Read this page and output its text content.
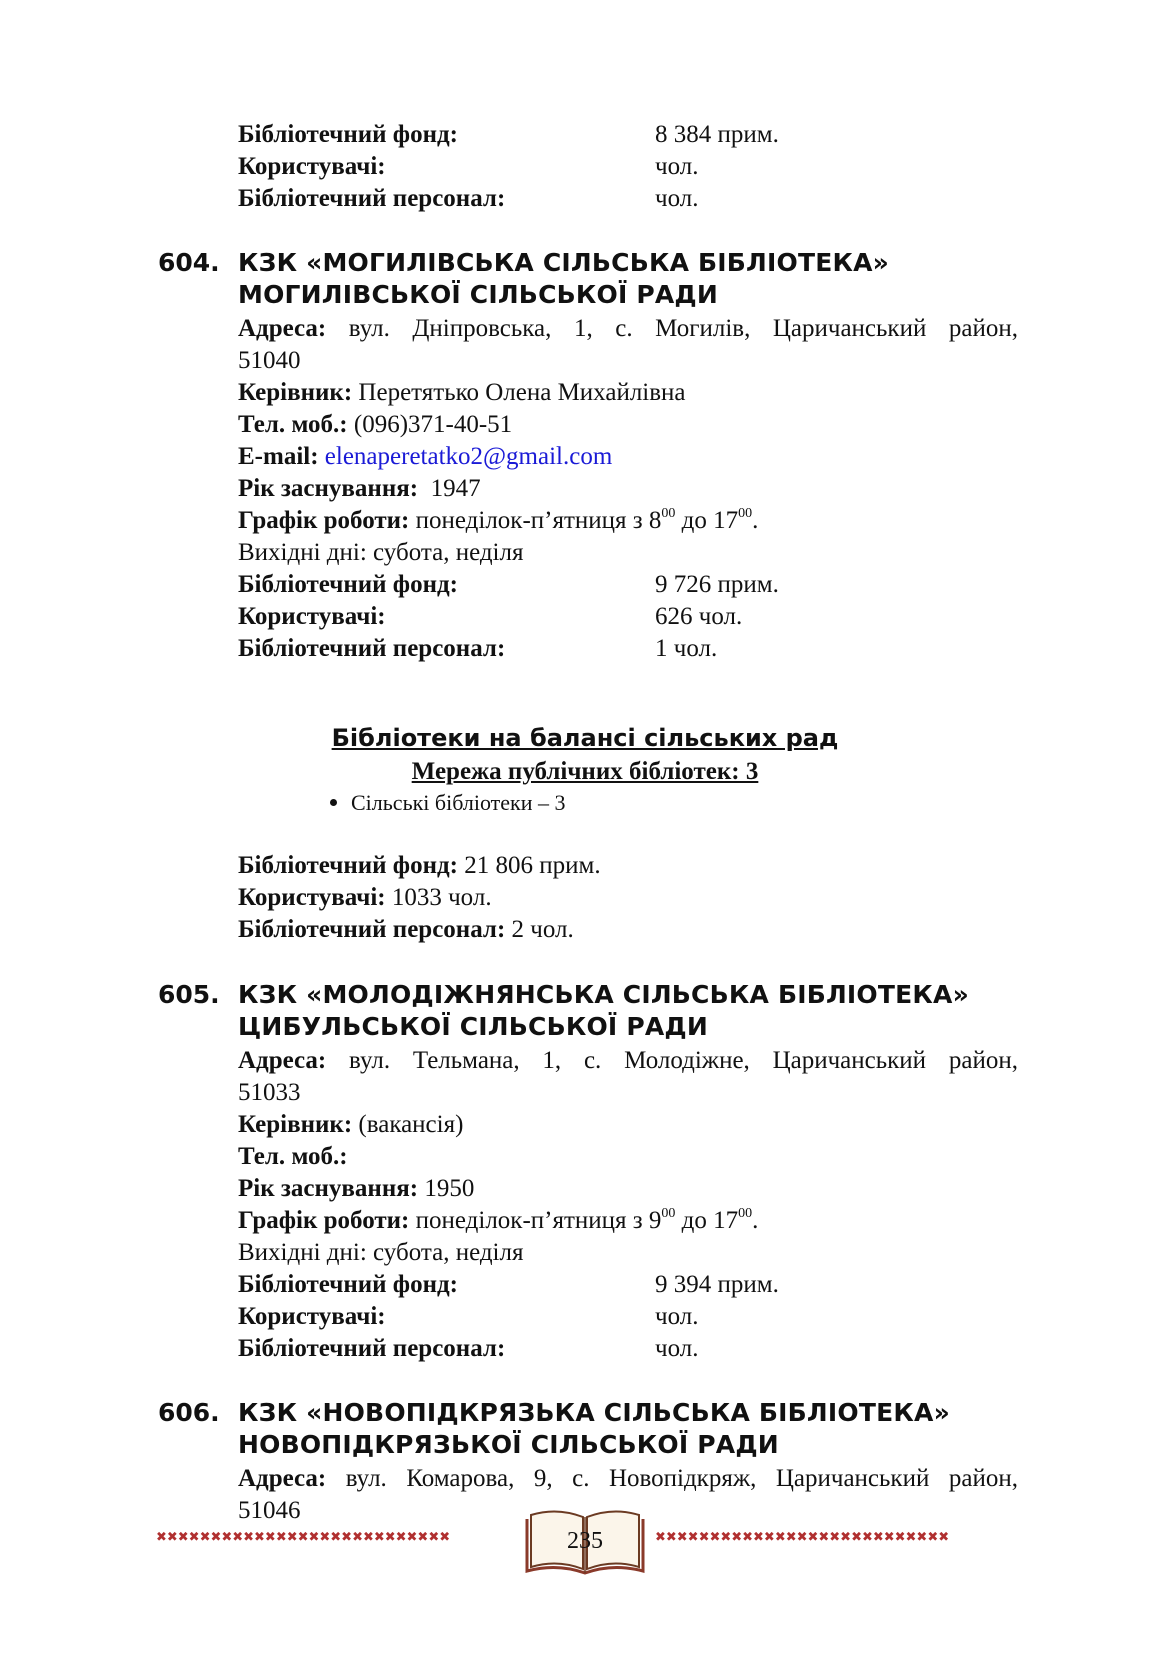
Бібліотечний фонд:	8 384 прим.
Користувачі:	чол.
Бібліотечний персонал:	чол.
604. КЗК «МОГИЛІВСЬКА СІЛЬСЬКА БІБЛІОТЕКА»
МОГИЛІВСЬКОЇ СІЛЬСЬКОЇ РАДИ
Адреса: вул. Дніпровська, 1, с. Могилів, Царичанський район,
51040
Керівник: Перетятько Олена Михайлівна
Тел. моб.: (096)371-40-51
E-mail: elenaperetatko2@gmail.com
Рік заснування: 1947
Графік роботи: понеділок-п’ятниця з $8^{00}$ до $17^{00}$.
Вихідні дні: субота, неділя
Бібліотечний фонд:	9 726 прим.
Користувачі:	626 чол.
Бібліотечний персонал:	1 чол.
Бібліотеки на балансі сільських рад
Мережа публічних бібліотек: 3
Сільські бібліотеки – 3
Бібліотечний фонд: 21 806 прим.
Користувачі: 1033 чол.
Бібліотечний персонал: 2 чол.
605. КЗК «МОЛОДІЖНЯНСЬКА СІЛЬСЬКА БІБЛІОТЕКА»
ЦИБУЛЬСЬКОЇ СІЛЬСЬКОЇ РАДИ
Адреса: вул. Тельмана, 1, с. Молодіжне, Царичанський район,
51033
Керівник: (вакансія)
Тел. моб.:
Рік заснування: 1950
Графік роботи: понеділок-п’ятниця з $9^{00}$ до $17^{00}$.
Вихідні дні: субота, неділя
Бібліотечний фонд:	9 394 прим.
Користувачі:	чол.
Бібліотечний персонал:	чол.
606. КЗК «НОВОПІДКРЯЗЬКА СІЛЬСЬКА БІБЛІОТЕКА»
НОВОПІДКРЯЗЬКОЇ СІЛЬСЬКОЇ РАДИ
Адреса: вул. Комарова, 9, с. Новопідкряж, Царичанський район,
51046
✖✖✖✖✖✖✖✖✖✖✖✖✖✖✖✖✖✖✖✖✖✖✖✖✖✖✖	✖✖✖✖✖✖✖✖✖✖✖✖✖✖✖✖✖✖✖✖✖✖✖✖✖✖✖
235
